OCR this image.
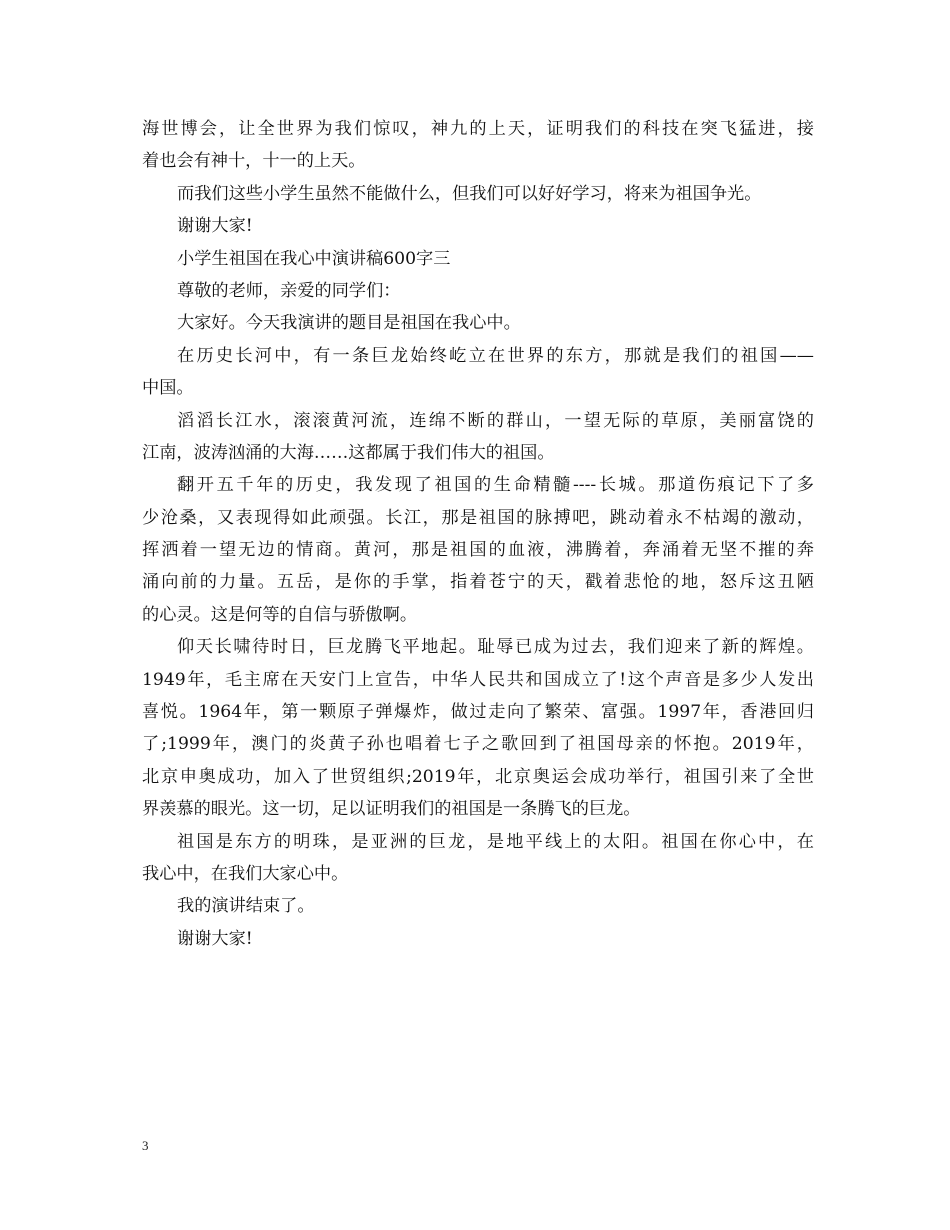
海世博会，让全世界为我们惊叹，神九的上天，证明我们的科技在突飞猛进，接
着也会有神十，十一的上天。
而我们这些小学生虽然不能做什么，但我们可以好好学习，将来为祖国争光。
谢谢大家!
小学生祖国在我心中演讲稿600字三
尊敬的老师，亲爱的同学们：
大家好。今天我演讲的题目是祖国在我心中。
在历史长河中，有一条巨龙始终屹立在世界的东方，那就是我们的祖国——
中国。
滔滔长江水，滚滚黄河流，连绵不断的群山，一望无际的草原，美丽富饶的
江南，波涛汹涌的大海……这都属于我们伟大的祖国。
翻开五千年的历史，我发现了祖国的生命精髓----长城。那道伤痕记下了多
少沧桑，又表现得如此顽强。长江，那是祖国的脉搏吧，跳动着永不枯竭的激动，
挥洒着一望无边的情商。黄河，那是祖国的血液，沸腾着，奔涌着无坚不摧的奔
涌向前的力量。五岳，是你的手掌，指着苍宁的天，戳着悲怆的地，怒斥这丑陋
的心灵。这是何等的自信与骄傲啊。
仰天长啸待时日，巨龙腾飞平地起。耻辱已成为过去，我们迎来了新的辉煌。
1949年，毛主席在天安门上宣告，中华人民共和国成立了!这个声音是多少人发出
喜悦。1964年，第一颗原子弹爆炸，做过走向了繁荣、富强。1997年，香港回归
了;1999年，澳门的炎黄子孙也唱着七子之歌回到了祖国母亲的怀抱。2019年，
北京申奥成功，加入了世贸组织;2019年，北京奥运会成功举行，祖国引来了全世
界羡慕的眼光。这一切，足以证明我们的祖国是一条腾飞的巨龙。
祖国是东方的明珠，是亚洲的巨龙，是地平线上的太阳。祖国在你心中，在
我心中，在我们大家心中。
我的演讲结束了。
谢谢大家!
3
